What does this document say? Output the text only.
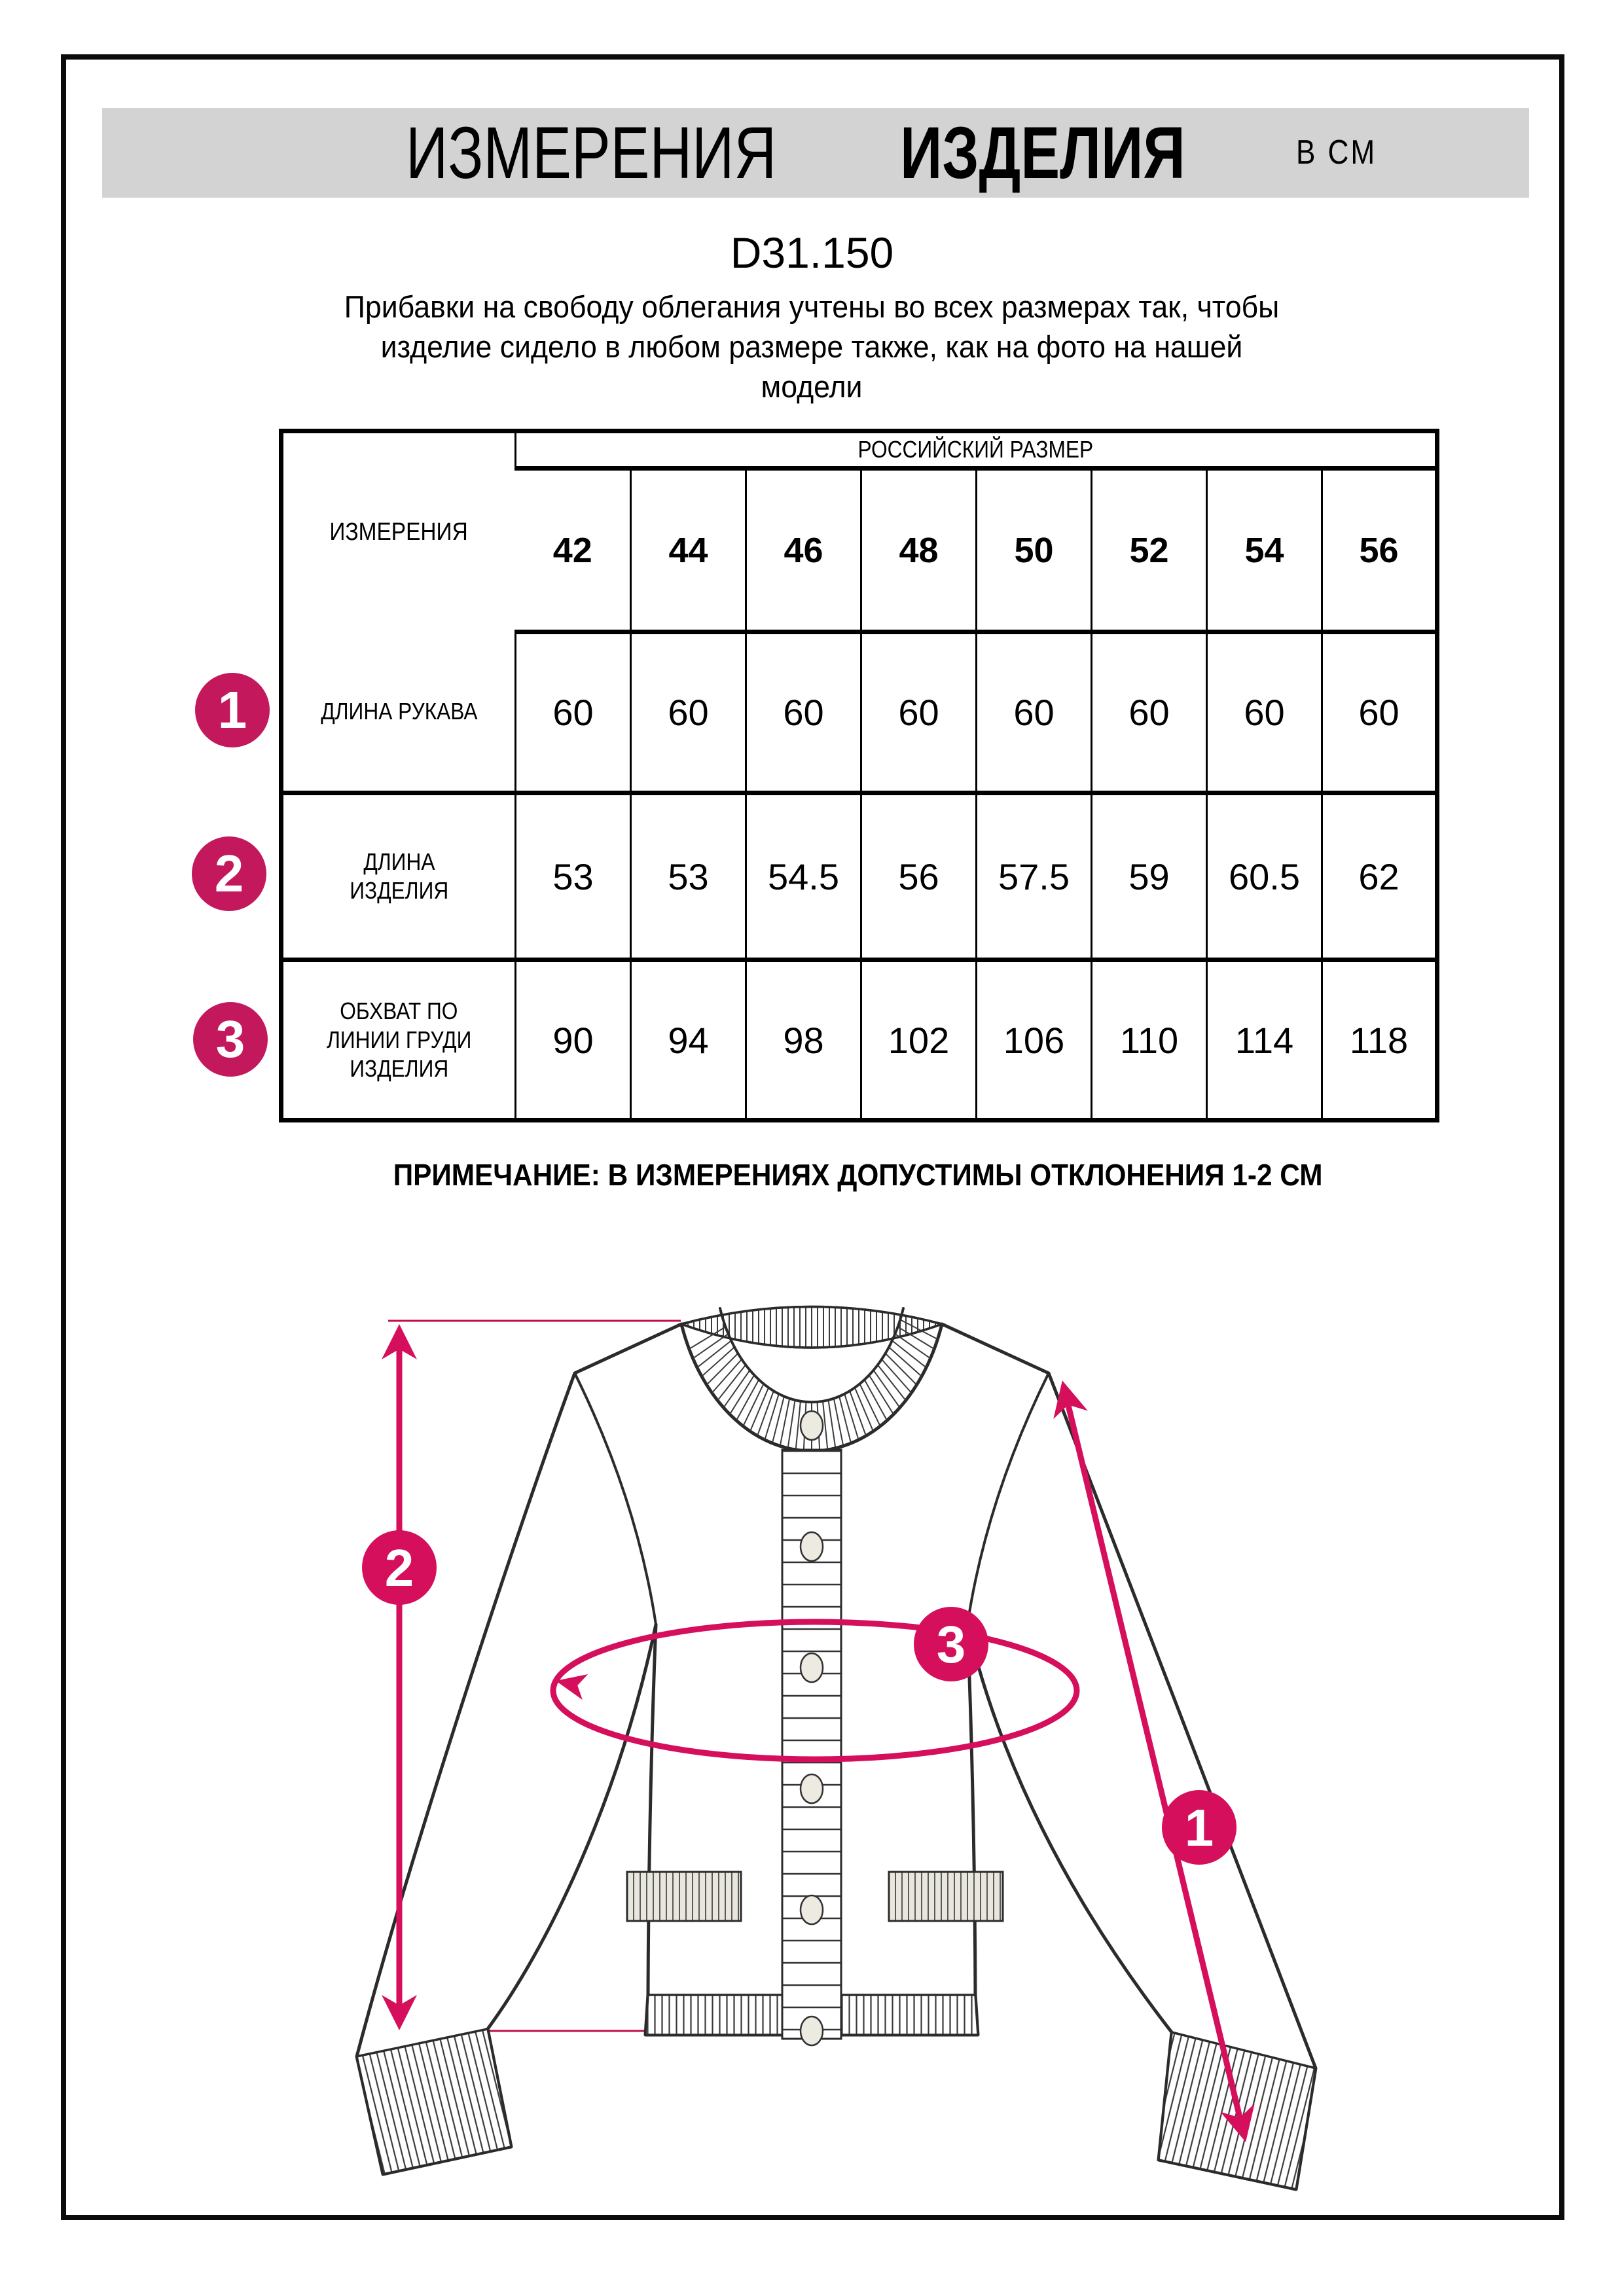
ИЗМЕРЕНИЯ ИЗДЕЛИЯ	В СМ
D31.150
Прибавки на свободу облегания учтены во всех размерах так, чтобы
изделие сидело в любом размере также, как на фото на нашей
модели
ИЗМЕРЕНИЯ	РОССИЙСКИЙ РАЗМЕР							
	42	44	46	48	50	52	54	56
ДЛИНА РУКАВА	60	60	60	60	60	60	60	60
ДЛИНА
ИЗДЕЛИЯ	53	53	54.5	56	57.5	59	60.5	62
ОБХВАТ ПО
ЛИНИИ ГРУДИ
ИЗДЕЛИЯ	90	94	98	102	106	110	114	118
1
2
3
ПРИМЕЧАНИЕ: В ИЗМЕРЕНИЯХ ДОПУСТИМЫ ОТКЛОНЕНИЯ 1-2 СМ
2
1
3
